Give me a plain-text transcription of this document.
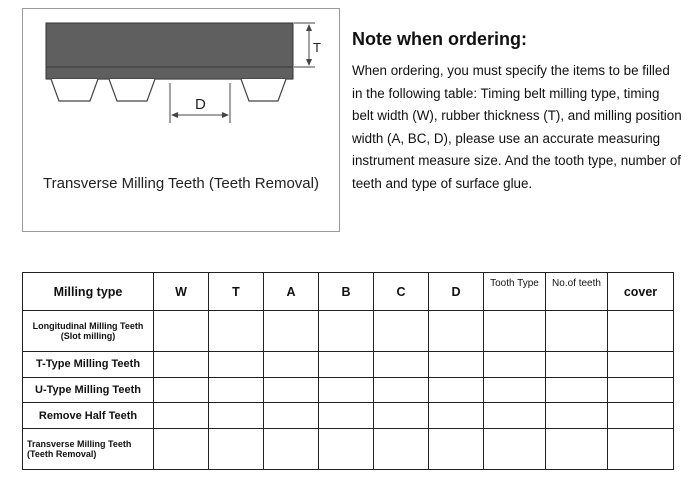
T
D
Transverse Milling Teeth (Teeth Removal)
Note when ordering:
When ordering, you must specify the items to be filled in the following table: Timing belt milling type, timing belt width (W), rubber thickness (T), and milling position width (A, BC, D), please use an accurate measuring instrument measure size. And the tooth type, number of teeth and type of surface glue.
Milling type	W	T	A	B	C	D	Tooth Type	No.of teeth	cover
Longitudinal Milling Teeth　(Slot milling)									
T-Type Milling Teeth									
U-Type Milling Teeth									
Remove Half Teeth									
Transverse Milling Teeth (Teeth Removal)									
